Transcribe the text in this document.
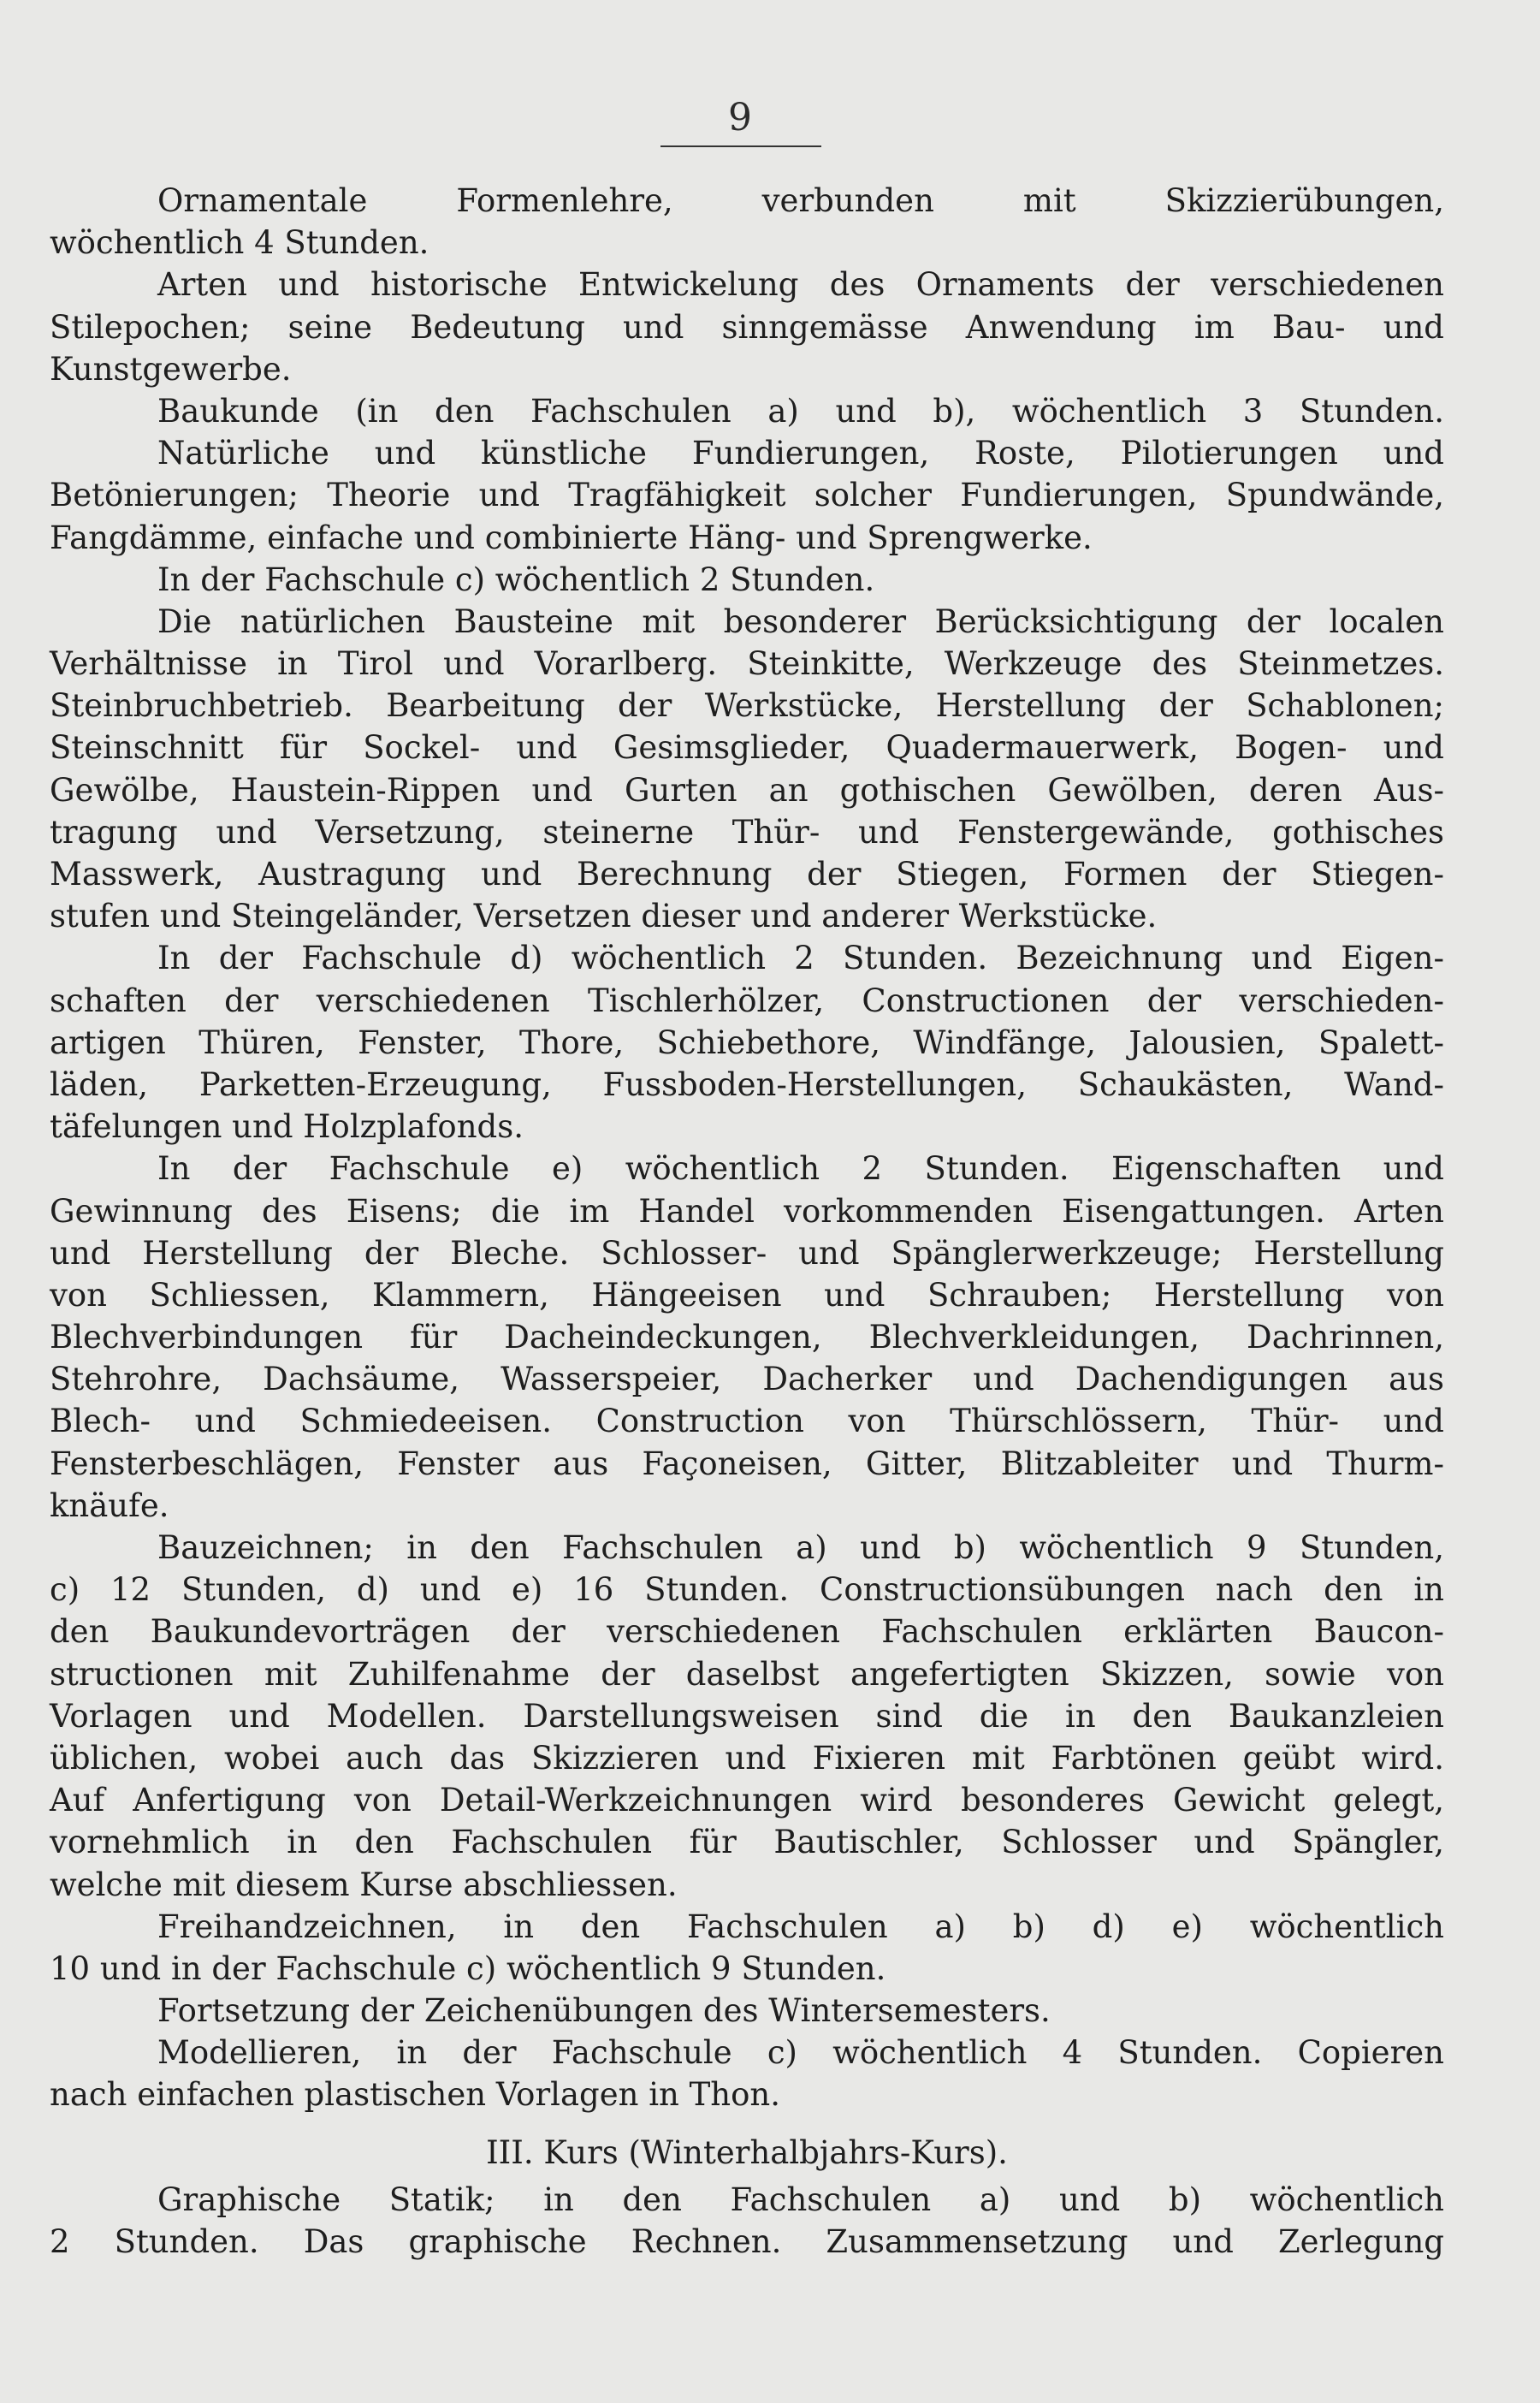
9
Ornamentale Formenlehre, verbunden mit Skizzierübungen,
wöchentlich 4 Stunden.
Arten und historische Entwickelung des Ornaments der verschiedenen
Stilepochen; seine Bedeutung und sinngemässe Anwendung im Bau- und
Kunstgewerbe.
Baukunde (in den Fachschulen a) und b), wöchentlich 3 Stunden.
Natürliche und künstliche Fundierungen, Roste, Pilotierungen und
Betönierungen; Theorie und Tragfähigkeit solcher Fundierungen, Spundwände,
Fangdämme, einfache und combinierte Häng- und Sprengwerke.
In der Fachschule c) wöchentlich 2 Stunden.
Die natürlichen Bausteine mit besonderer Berücksichtigung der localen
Verhältnisse in Tirol und Vorarlberg. Steinkitte, Werkzeuge des Steinmetzes.
Steinbruchbetrieb. Bearbeitung der Werkstücke, Herstellung der Schablonen;
Steinschnitt für Sockel- und Gesimsglieder, Quadermauerwerk, Bogen- und
Gewölbe, Haustein-Rippen und Gurten an gothischen Gewölben, deren Aus-
tragung und Versetzung, steinerne Thür- und Fenstergewände, gothisches
Masswerk, Austragung und Berechnung der Stiegen, Formen der Stiegen-
stufen und Steingeländer, Versetzen dieser und anderer Werkstücke.
In der Fachschule d) wöchentlich 2 Stunden. Bezeichnung und Eigen-
schaften der verschiedenen Tischlerhölzer, Constructionen der verschieden-
artigen Thüren, Fenster, Thore, Schiebethore, Windfänge, Jalousien, Spalett-
läden, Parketten-Erzeugung, Fussboden-Herstellungen, Schaukästen, Wand-
täfelungen und Holzplafonds.
In der Fachschule e) wöchentlich 2 Stunden. Eigenschaften und
Gewinnung des Eisens; die im Handel vorkommenden Eisengattungen. Arten
und Herstellung der Bleche. Schlosser- und Spänglerwerkzeuge; Herstellung
von Schliessen, Klammern, Hängeeisen und Schrauben; Herstellung von
Blechverbindungen für Dacheindeckungen, Blechverkleidungen, Dachrinnen,
Stehrohre, Dachsäume, Wasserspeier, Dacherker und Dachendigungen aus
Blech- und Schmiedeeisen. Construction von Thürschlössern, Thür- und
Fensterbeschlägen, Fenster aus Façoneisen, Gitter, Blitzableiter und Thurm-
knäufe.
Bauzeichnen; in den Fachschulen a) und b) wöchentlich 9 Stunden,
c) 12 Stunden, d) und e) 16 Stunden. Constructionsübungen nach den in
den Baukundevorträgen der verschiedenen Fachschulen erklärten Baucon-
structionen mit Zuhilfenahme der daselbst angefertigten Skizzen, sowie von
Vorlagen und Modellen. Darstellungsweisen sind die in den Baukanzleien
üblichen, wobei auch das Skizzieren und Fixieren mit Farbtönen geübt wird.
Auf Anfertigung von Detail-Werkzeichnungen wird besonderes Gewicht gelegt,
vornehmlich in den Fachschulen für Bautischler, Schlosser und Spängler,
welche mit diesem Kurse abschliessen.
Freihandzeichnen, in den Fachschulen a) b) d) e) wöchentlich
10 und in der Fachschule c) wöchentlich 9 Stunden.
Fortsetzung der Zeichenübungen des Wintersemesters.
Modellieren, in der Fachschule c) wöchentlich 4 Stunden. Copieren
nach einfachen plastischen Vorlagen in Thon.
III. Kurs (Winterhalbjahrs-Kurs).
Graphische Statik; in den Fachschulen a) und b) wöchentlich
2 Stunden. Das graphische Rechnen. Zusammensetzung und Zerlegung
